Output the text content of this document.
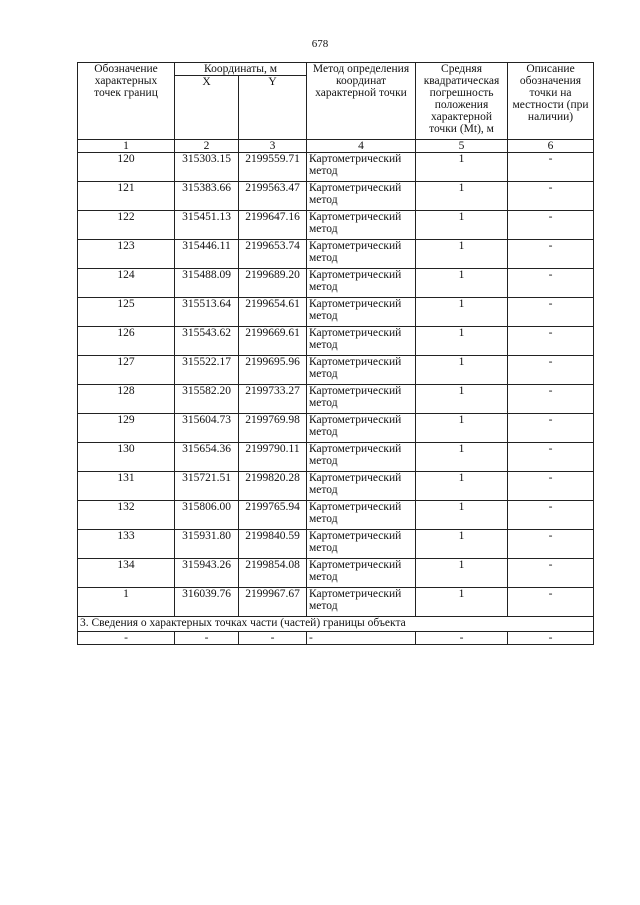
678
Обозначение характерных точек границ	Координаты, м		Метод определения координат характерной точки	Средняя квадратическая погрешность положения характерной точки (Mt), м	Описание обозначения точки на местности (при наличии)
	X	Y			
1	2	3	4	5	6
120	315303.15	2199559.71	Картометрический метод	1	-
121	315383.66	2199563.47	Картометрический метод	1	-
122	315451.13	2199647.16	Картометрический метод	1	-
123	315446.11	2199653.74	Картометрический метод	1	-
124	315488.09	2199689.20	Картометрический метод	1	-
125	315513.64	2199654.61	Картометрический метод	1	-
126	315543.62	2199669.61	Картометрический метод	1	-
127	315522.17	2199695.96	Картометрический метод	1	-
128	315582.20	2199733.27	Картометрический метод	1	-
129	315604.73	2199769.98	Картометрический метод	1	-
130	315654.36	2199790.11	Картометрический метод	1	-
131	315721.51	2199820.28	Картометрический метод	1	-
132	315806.00	2199765.94	Картометрический метод	1	-
133	315931.80	2199840.59	Картометрический метод	1	-
134	315943.26	2199854.08	Картометрический метод	1	-
1	316039.76	2199967.67	Картометрический метод	1	-
3. Сведения о характерных точках части (частей) границы объекта					
-	-	-	-	-	-
